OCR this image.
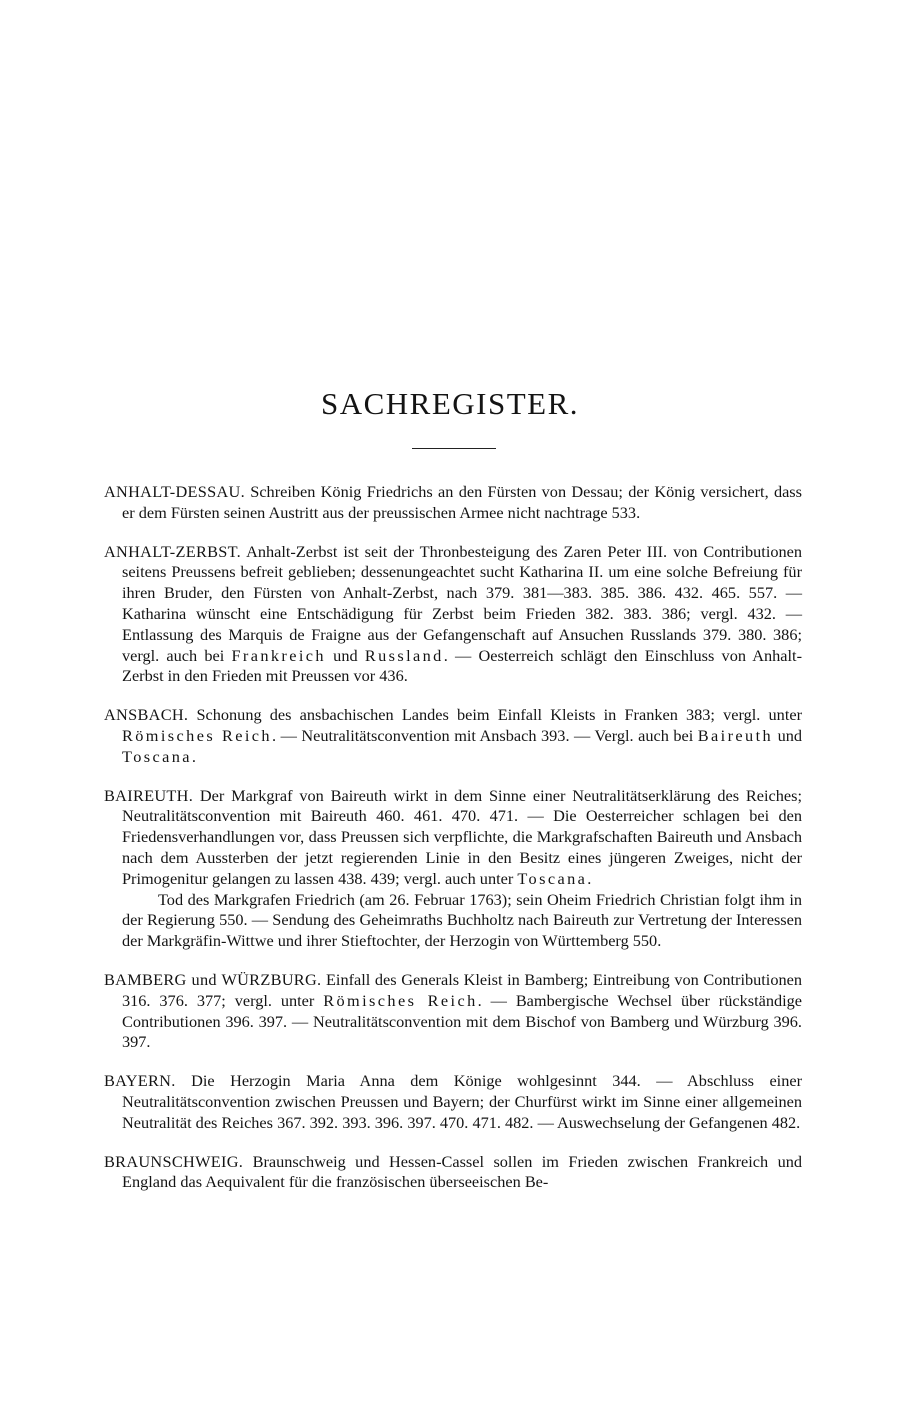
SACHREGISTER.

ANHALT-DESSAU. Schreiben König Friedrichs an den Fürsten von Dessau; der König versichert, dass er dem Fürsten seinen Austritt aus der preussischen Armee nicht nachtrage 533.

ANHALT-ZERBST. Anhalt-Zerbst ist seit der Thronbesteigung des Zaren Peter III. von Contributionen seitens Preussens befreit geblieben; dessenungeachtet sucht Katharina II. um eine solche Befreiung für ihren Bruder, den Fürsten von Anhalt-Zerbst, nach 379. 381—383. 385. 386. 432. 465. 557. — Katharina wünscht eine Entschädigung für Zerbst beim Frieden 382. 383. 386; vergl. 432. — Entlassung des Marquis de Fraigne aus der Gefangenschaft auf Ansuchen Russlands 379. 380. 386; vergl. auch bei Frankreich und Russland. — Oesterreich schlägt den Einschluss von Anhalt-Zerbst in den Frieden mit Preussen vor 436.

ANSBACH. Schonung des ansbachischen Landes beim Einfall Kleists in Franken 383; vergl. unter Römisches Reich. — Neutralitätsconvention mit Ansbach 393. — Vergl. auch bei Baireuth und Toscana.

BAIREUTH. Der Markgraf von Baireuth wirkt in dem Sinne einer Neutralitätserklärung des Reiches; Neutralitätsconvention mit Baireuth 460. 461. 470. 471. — Die Oesterreicher schlagen bei den Friedensverhandlungen vor, dass Preussen sich verpflichte, die Markgrafschaften Baireuth und Ansbach nach dem Aussterben der jetzt regierenden Linie in den Besitz eines jüngeren Zweiges, nicht der Primogenitur gelangen zu lassen 438. 439; vergl. auch unter Toscana.

Tod des Markgrafen Friedrich (am 26. Februar 1763); sein Oheim Friedrich Christian folgt ihm in der Regierung 550. — Sendung des Geheimraths Buchholtz nach Baireuth zur Vertretung der Interessen der Markgräfin-Wittwe und ihrer Stieftochter, der Herzogin von Württemberg 550.

BAMBERG und WÜRZBURG. Einfall des Generals Kleist in Bamberg; Eintreibung von Contributionen 316. 376. 377; vergl. unter Römisches Reich. — Bambergische Wechsel über rückständige Contributionen 396. 397. — Neutralitätsconvention mit dem Bischof von Bamberg und Würzburg 396. 397.

BAYERN. Die Herzogin Maria Anna dem Könige wohlgesinnt 344. — Abschluss einer Neutralitätsconvention zwischen Preussen und Bayern; der Churfürst wirkt im Sinne einer allgemeinen Neutralität des Reiches 367. 392. 393. 396. 397. 470. 471. 482. — Auswechselung der Gefangenen 482.

BRAUNSCHWEIG. Braunschweig und Hessen-Cassel sollen im Frieden zwischen Frankreich und England das Aequivalent für die französischen überseeischen Be-
